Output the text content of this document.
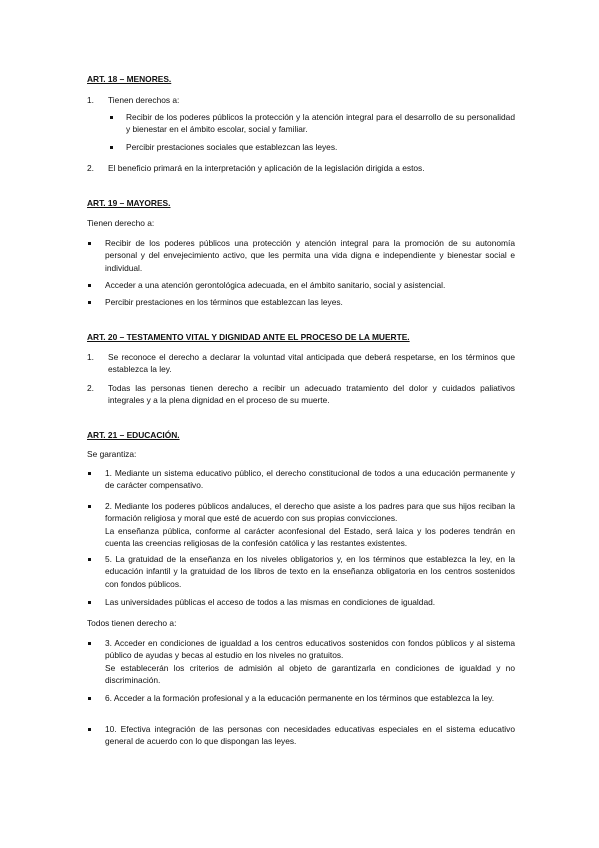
ART. 18 – MENORES.
1. Tienen derechos a:
Recibir de los poderes públicos la protección y la atención integral para el desarrollo de su personalidad y bienestar en el ámbito escolar, social y familiar.
Percibir prestaciones sociales que establezcan las leyes.
2. El beneficio primará en la interpretación y aplicación de la legislación dirigida a estos.
ART. 19 – MAYORES.
Tienen derecho a:
Recibir de los poderes públicos una protección y atención integral para la promoción de su autonomía personal y del envejecimiento activo, que les permita una vida digna e independiente y bienestar social e individual.
Acceder a una atención gerontológica adecuada, en el ámbito sanitario, social y asistencial.
Percibir prestaciones en los términos que establezcan las leyes.
ART. 20 – TESTAMENTO VITAL Y DIGNIDAD ANTE EL PROCESO DE LA MUERTE.
1. Se reconoce el derecho a declarar la voluntad vital anticipada que deberá respetarse, en los términos que establezca la ley.
2. Todas las personas tienen derecho a recibir un adecuado tratamiento del dolor y cuidados paliativos integrales y a la plena dignidad en el proceso de su muerte.
ART. 21 – EDUCACIÓN.
Se garantiza:
1. Mediante un sistema educativo público, el derecho constitucional de todos a una educación permanente y de carácter compensativo.
2. Mediante los poderes públicos andaluces, el derecho que asiste a los padres para que sus hijos reciban la formación religiosa y moral que esté de acuerdo con sus propias convicciones.
La enseñanza pública, conforme al carácter aconfesional del Estado, será laica y los poderes tendrán en cuenta las creencias religiosas de la confesión católica y las restantes existentes.
5. La gratuidad de la enseñanza en los niveles obligatorios y, en los términos que establezca la ley, en la educación infantil y la gratuidad de los libros de texto en la enseñanza obligatoria en los centros sostenidos con fondos públicos.
Las universidades públicas el acceso de todos a las mismas en condiciones de igualdad.
Todos tienen derecho a:
3. Acceder en condiciones de igualdad a los centros educativos sostenidos con fondos públicos y al sistema público de ayudas y becas al estudio en los niveles no gratuitos.
Se establecerán los criterios de admisión al objeto de garantizarla en condiciones de igualdad y no discriminación.
6. Acceder a la formación profesional y a la educación permanente en los términos que establezca la ley.
10. Efectiva integración de las personas con necesidades educativas especiales en el sistema educativo general de acuerdo con lo que dispongan las leyes.
